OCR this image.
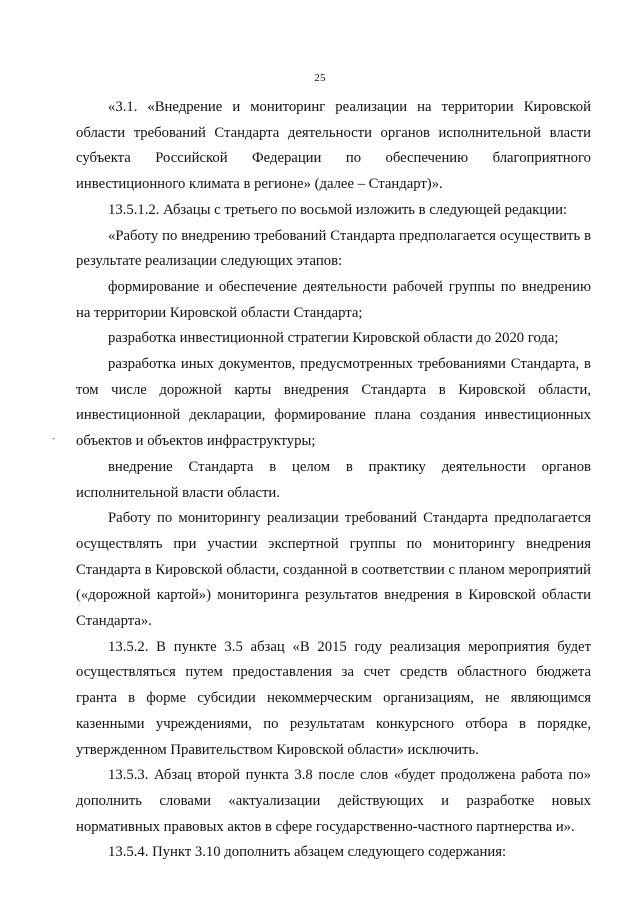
25
-

«3.1. «Внедрение и мониторинг реализации на территории Кировской области требований Стандарта деятельности органов исполнительной власти субъекта Российской Федерации по обеспечению благоприятного инвестиционного климата в регионе» (далее – Стандарт)».

13.5.1.2. Абзацы с третьего по восьмой изложить в следующей редакции:

«Работу по внедрению требований Стандарта предполагается осуществить в результате реализации следующих этапов:

формирование и обеспечение деятельности рабочей группы по внедрению на территории Кировской области Стандарта;

разработка инвестиционной стратегии Кировской области до 2020 года;

разработка иных документов, предусмотренных требованиями Стандарта, в том числе дорожной карты внедрения Стандарта в Кировской области, инвестиционной декларации, формирование плана создания инвестиционных объектов и объектов инфраструктуры;

внедрение Стандарта в целом в практику деятельности органов исполнительной власти области.

Работу по мониторингу реализации требований Стандарта предполагается осуществлять при участии экспертной группы по мониторингу внедрения Стандарта в Кировской области, созданной в соответствии с планом мероприятий («дорожной картой») мониторинга результатов внедрения в Кировской области Стандарта».

13.5.2. В пункте 3.5 абзац «В 2015 году реализация мероприятия будет осуществляться путем предоставления за счет средств областного бюджета гранта в форме субсидии некоммерческим организациям, не являющимся казенными учреждениями, по результатам конкурсного отбора в порядке, утвержденном Правительством Кировской области» исключить.

13.5.3. Абзац второй пункта 3.8 после слов «будет продолжена работа по» дополнить словами «актуализации действующих и разработке новых нормативных правовых актов в сфере государственно-частного партнерства и».

13.5.4. Пункт 3.10 дополнить абзацем следующего содержания:
